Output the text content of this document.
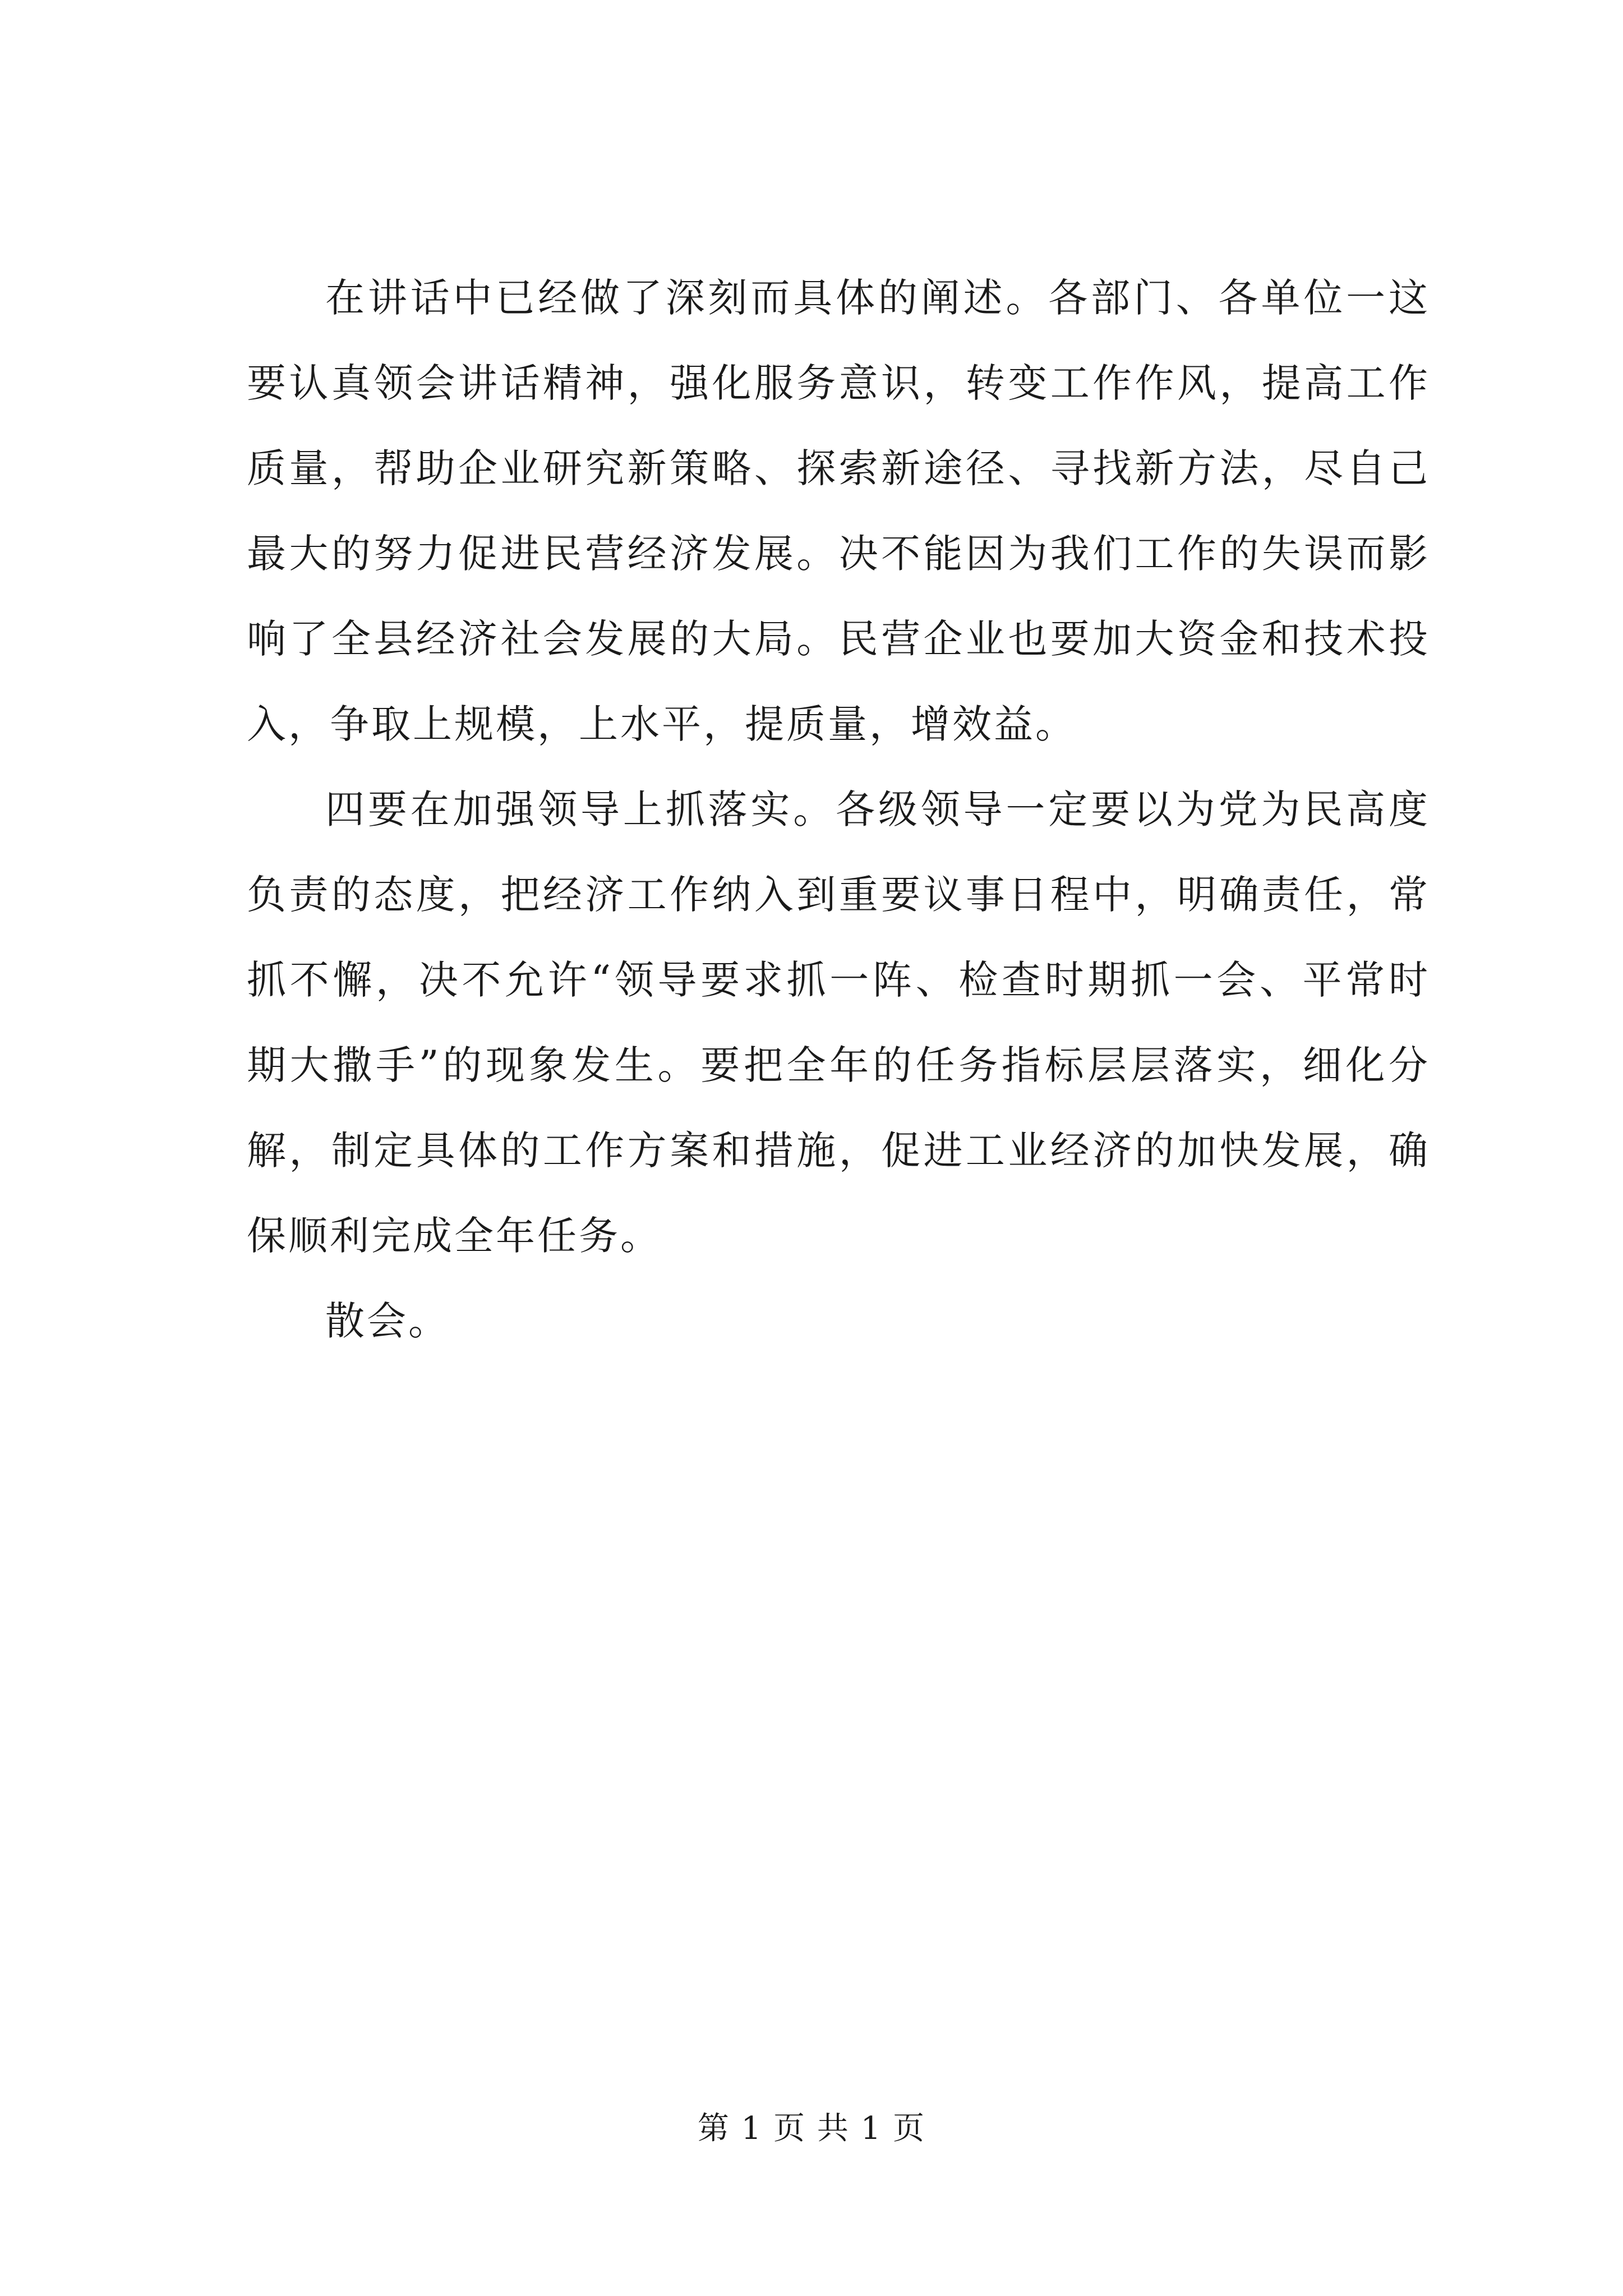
在讲话中已经做了深刻而具体的阐述。各部门、各单位一这要认真领会讲话精神，强化服务意识，转变工作作风，提高工作质量，帮助企业研究新策略、探索新途径、寻找新方法，尽自己最大的努力促进民营经济发展。决不能因为我们工作的失误而影响了全县经济社会发展的大局。民营企业也要加大资金和技术投入，争取上规模，上水平，提质量，增效益。

四要在加强领导上抓落实。各级领导一定要以为党为民高度负责的态度，把经济工作纳入到重要议事日程中，明确责任，常抓不懈，决不允许“领导要求抓一阵、检查时期抓一会、平常时期大撒手”的现象发生。要把全年的任务指标层层落实，细化分解，制定具体的工作方案和措施，促进工业经济的加快发展，确保顺利完成全年任务。

散会。

第 1 页 共 1 页
